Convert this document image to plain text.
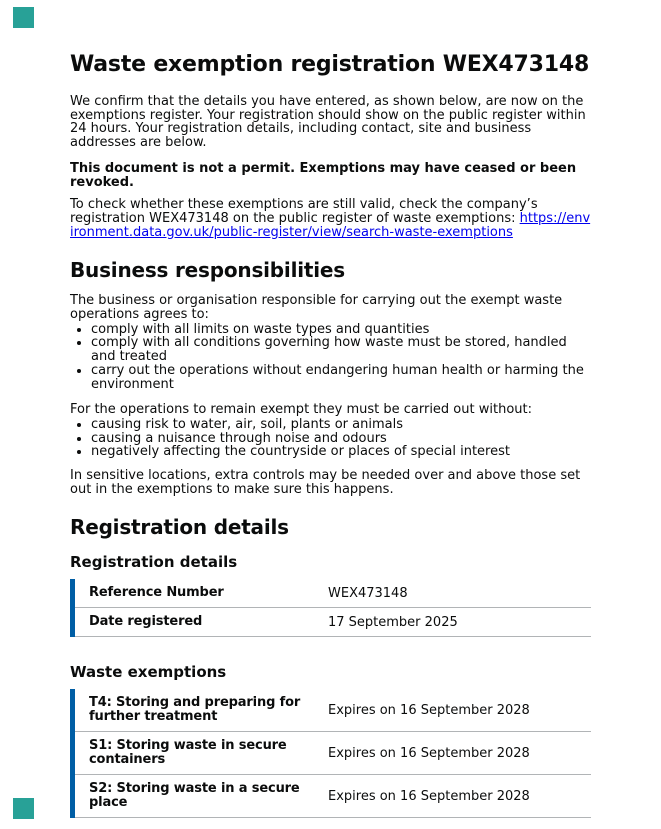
Waste exemption registration WEX473148

We confirm that the details you have entered, as shown below, are now on the exemptions register. Your registration should show on the public register within 24 hours. Your registration details, including contact, site and business addresses are below.

This document is not a permit. Exemptions may have ceased or been revoked.

To check whether these exemptions are still valid, check the company’s registration WEX473148 on the public register of waste exemptions: https://environment.data.gov.uk/public-register/view/search-waste-exemptions

Business responsibilities

The business or organisation responsible for carrying out the exempt waste operations agrees to:

• comply with all limits on waste types and quantities
• comply with all conditions governing how waste must be stored, handled and treated
• carry out the operations without endangering human health or harming the environment

For the operations to remain exempt they must be carried out without:

• causing risk to water, air, soil, plants or animals
• causing a nuisance through noise and odours
• negatively affecting the countryside or places of special interest

In sensitive locations, extra controls may be needed over and above those set out in the exemptions to make sure this happens.

Registration details
Registration details
Reference Number	WEX473148
Date registered	17 September 2025
Waste exemptions
T4: Storing and preparing for further treatment	Expires on 16 September 2028
S1: Storing waste in secure containers	Expires on 16 September 2028
S2: Storing waste in a secure place	Expires on 16 September 2028
